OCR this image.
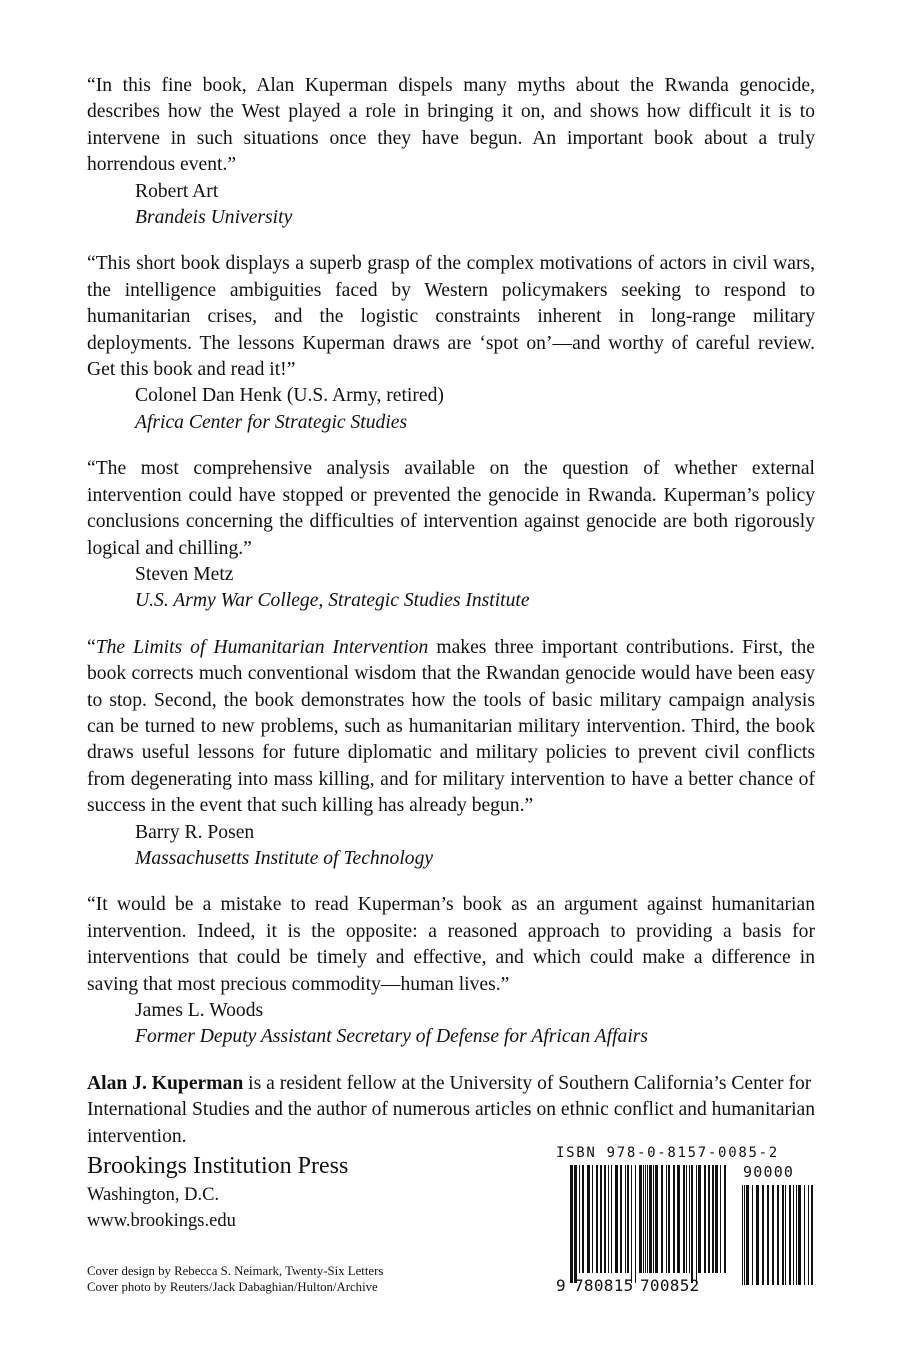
“In this fine book, Alan Kuperman dispels many myths about the Rwanda genocide, describes how the West played a role in bringing it on, and shows how difficult it is to intervene in such situations once they have begun. An important book about a truly horrendous event.”

Robert Art
Brandeis University

“This short book displays a superb grasp of the complex motivations of actors in civil wars, the intelligence ambiguities faced by Western policymakers seeking to respond to humanitarian crises, and the logistic constraints inherent in long-range military deployments. The lessons Kuperman draws are ‘spot on’—and worthy of careful review. Get this book and read it!”

Colonel Dan Henk (U.S. Army, retired)
Africa Center for Strategic Studies

“The most comprehensive analysis available on the question of whether external intervention could have stopped or prevented the genocide in Rwanda. Kuperman’s policy conclusions concerning the difficulties of intervention against genocide are both rigorously logical and chilling.”

Steven Metz
U.S. Army War College, Strategic Studies Institute

“The Limits of Humanitarian Intervention makes three important contributions. First, the book corrects much conventional wisdom that the Rwandan genocide would have been easy to stop. Second, the book demonstrates how the tools of basic military campaign analysis can be turned to new problems, such as humanitarian military intervention. Third, the book draws useful lessons for future diplomatic and military policies to prevent civil conflicts from degenerating into mass killing, and for military intervention to have a better chance of success in the event that such killing has already begun.”

Barry R. Posen
Massachusetts Institute of Technology

“It would be a mistake to read Kuperman’s book as an argument against humanitarian intervention. Indeed, it is the opposite: a reasoned approach to providing a basis for interventions that could be timely and effective, and which could make a difference in saving that most precious commodity—human lives.”

James L. Woods
Former Deputy Assistant Secretary of Defense for African Affairs

Alan J. Kuperman is a resident fellow at the University of Southern California’s Center for International Studies and the author of numerous articles on ethnic conflict and humanitarian intervention.

Brookings Institution Press
Washington, D.C.
www.brookings.edu
Cover design by Rebecca S. Neimark, Twenty-Six Letters
Cover photo by Reuters/Jack Dabaghian/Hulton/Archive
ISBN 978-0-8157-0085-2
90000
9 780815 700852
